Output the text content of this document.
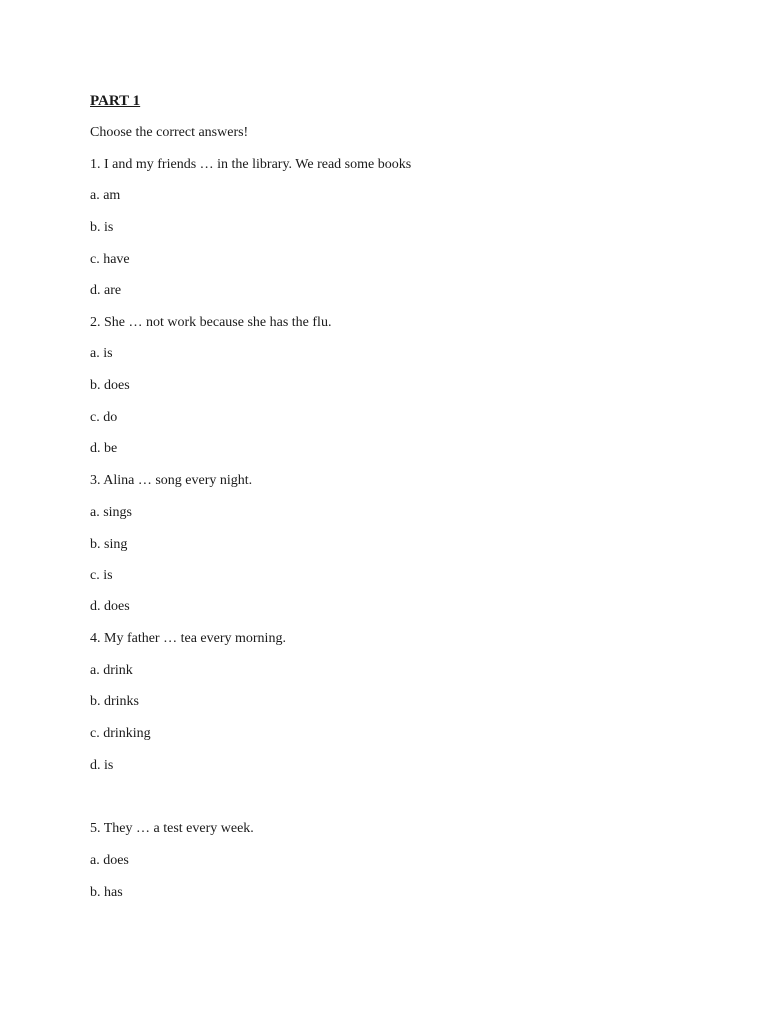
PART 1

Choose the correct answers!

1. I and my friends … in the library. We read some books

a. am

b. is

c. have

d. are

2. She … not work because she has the flu.

a. is

b. does

c. do

d. be

3. Alina … song every night.

a. sings

b. sing

c. is

d. does

4. My father … tea every morning.

a. drink

b. drinks

c. drinking

d. is

5. They … a test every week.

a. does

b. has
